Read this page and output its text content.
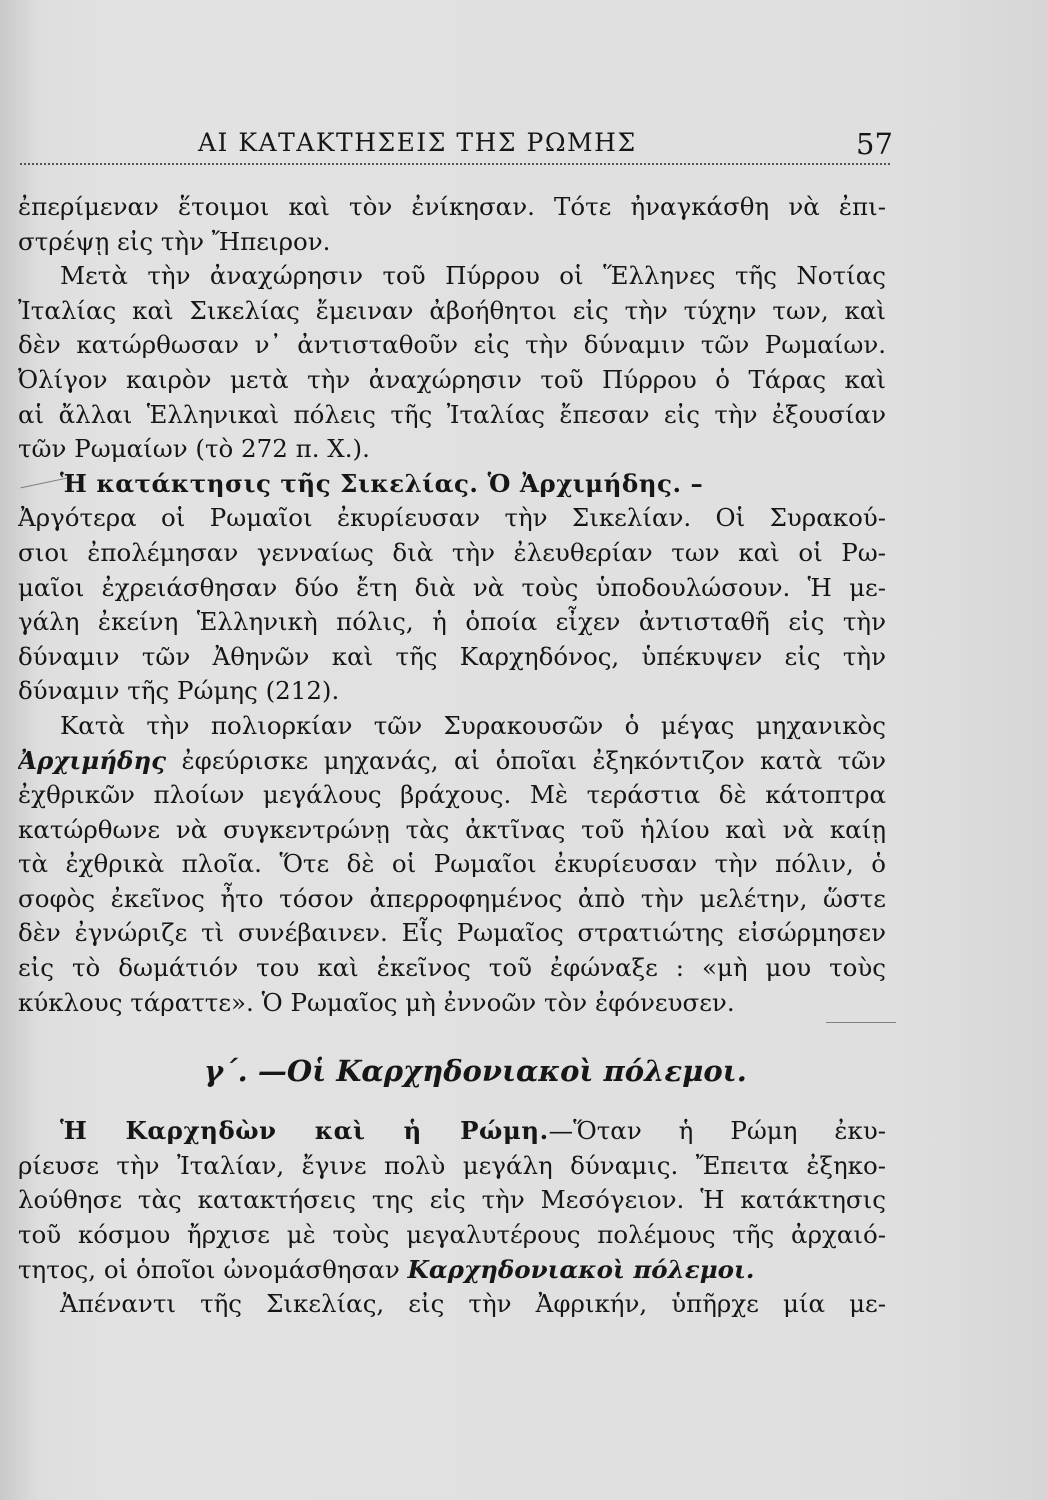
ΑΙ ΚΑΤΑΚΤΗΣΕΙΣ ΤΗΣ ΡΩΜΗΣ	57
ἐπερίμεναν ἕτοιμοι καὶ τὸν ἐνίκησαν. Τότε ἠναγκάσθη νὰ ἐπι-
στρέψῃ εἰς τὴν Ἤπειρον.
Μετὰ τὴν ἀναχώρησιν τοῦ Πύρρου οἱ Ἕλληνες τῆς Νοτίας
Ἰταλίας καὶ Σικελίας ἔμειναν ἀβοήθητοι εἰς τὴν τύχην των, καὶ
δὲν κατώρθωσαν ν᾽ ἀντισταθοῦν εἰς τὴν δύναμιν τῶν Ρωμαίων.
Ὀλίγον καιρὸν μετὰ τὴν ἀναχώρησιν τοῦ Πύρρου ὁ Τάρας καὶ
αἱ ἄλλαι Ἑλληνικαὶ πόλεις τῆς Ἰταλίας ἔπεσαν εἰς τὴν ἐξουσίαν
τῶν Ρωμαίων (τὸ 272 π. Χ.).
Ἡ κατάκτησις τῆς Σικελίας. Ὁ Ἀρχιμήδης. –
Ἀργότερα οἱ Ρωμαῖοι ἐκυρίευσαν τὴν Σικελίαν. Οἱ Συρακού-
σιοι ἐπολέμησαν γενναίως διὰ τὴν ἐλευθερίαν των καὶ οἱ Ρω-
μαῖοι ἐχρειάσθησαν δύο ἔτη διὰ νὰ τοὺς ὑποδουλώσουν. Ἡ με-
γάλη ἐκείνη Ἑλληνικὴ πόλις, ἡ ὁποία εἶχεν ἀντισταθῆ εἰς τὴν
δύναμιν τῶν Ἀθηνῶν καὶ τῆς Καρχηδόνος, ὑπέκυψεν εἰς τὴν
δύναμιν τῆς Ρώμης (212).
Κατὰ τὴν πολιορκίαν τῶν Συρακουσῶν ὁ μέγας μηχανικὸς
Ἀρχιμήδης ἐφεύρισκε μηχανάς, αἱ ὁποῖαι ἐξηκόντιζον κατὰ τῶν
ἐχθρικῶν πλοίων μεγάλους βράχους. Μὲ τεράστια δὲ κάτοπτρα
κατώρθωνε νὰ συγκεντρώνῃ τὰς ἀκτῖνας τοῦ ἡλίου καὶ νὰ καίῃ
τὰ ἐχθρικὰ πλοῖα. Ὅτε δὲ οἱ Ρωμαῖοι ἐκυρίευσαν τὴν πόλιν, ὁ
σοφὸς ἐκεῖνος ἦτο τόσον ἀπερροφημένος ἀπὸ τὴν μελέτην, ὥστε
δὲν ἐγνώριζε τὶ συνέβαινεν. Εἷς Ρωμαῖος στρατιώτης εἰσώρμησεν
εἰς τὸ δωμάτιόν του καὶ ἐκεῖνος τοῦ ἐφώναξε : «μὴ μου τοὺς
κύκλους τάραττε». Ὁ Ρωμαῖος μὴ ἐννοῶν τὸν ἐφόνευσεν.
γ΄. —Οἱ Καρχηδονιακοὶ πόλεμοι.
Ἡ Καρχηδὼν καὶ ἡ Ρώμη.—Ὅταν ἡ Ρώμη ἐκυ-
ρίευσε τὴν Ἰταλίαν, ἔγινε πολὺ μεγάλη δύναμις. Ἔπειτα ἐξηκο-
λούθησε τὰς κατακτήσεις της εἰς τὴν Μεσόγειον. Ἡ κατάκτησις
τοῦ κόσμου ἤρχισε μὲ τοὺς μεγαλυτέρους πολέμους τῆς ἀρχαιό-
τητος, οἱ ὁποῖοι ὠνομάσθησαν Καρχηδονιακοὶ πόλεμοι.
Ἀπέναντι τῆς Σικελίας, εἰς τὴν Ἀφρικήν, ὑπῆρχε μία με-
